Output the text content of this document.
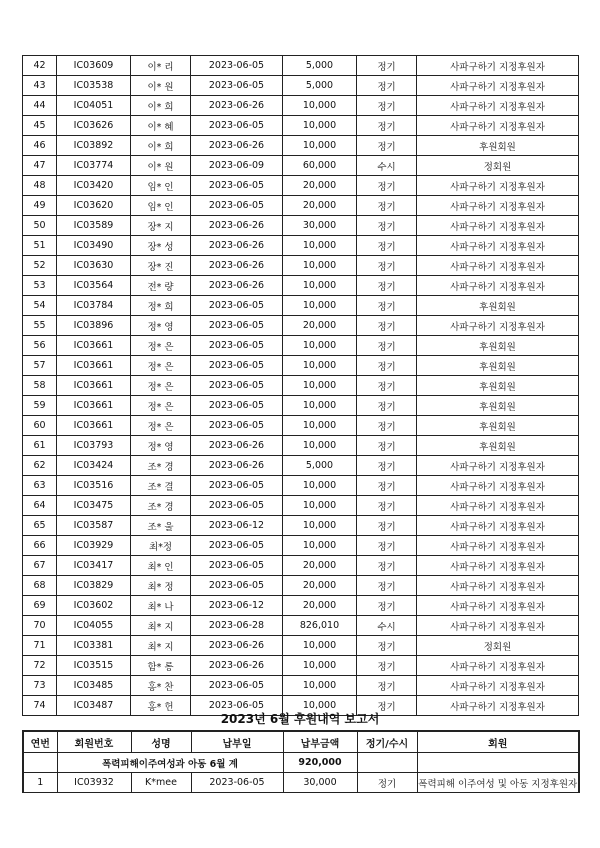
42	IC03609	이* 리	2023-06-05	5,000	정기	사파구하기 지정후원자
43	IC03538	이* 원	2023-06-05	5,000	정기	사파구하기 지정후원자
44	IC04051	이* 희	2023-06-26	10,000	정기	사파구하기 지정후원자
45	IC03626	이* 혜	2023-06-05	10,000	정기	사파구하기 지정후원자
46	IC03892	이* 희	2023-06-26	10,000	정기	후원회원
47	IC03774	이* 원	2023-06-09	60,000	수시	정회원
48	IC03420	임* 인	2023-06-05	20,000	정기	사파구하기 지정후원자
49	IC03620	임* 인	2023-06-05	20,000	정기	사파구하기 지정후원자
50	IC03589	장* 지	2023-06-26	30,000	정기	사파구하기 지정후원자
51	IC03490	장* 성	2023-06-26	10,000	정기	사파구하기 지정후원자
52	IC03630	장* 진	2023-06-26	10,000	정기	사파구하기 지정후원자
53	IC03564	전* 량	2023-06-26	10,000	정기	사파구하기 지정후원자
54	IC03784	정* 희	2023-06-05	10,000	정기	후원회원
55	IC03896	정* 영	2023-06-05	20,000	정기	사파구하기 지정후원자
56	IC03661	정* 은	2023-06-05	10,000	정기	후원회원
57	IC03661	정* 은	2023-06-05	10,000	정기	후원회원
58	IC03661	정* 은	2023-06-05	10,000	정기	후원회원
59	IC03661	정* 은	2023-06-05	10,000	정기	후원회원
60	IC03661	정* 은	2023-06-05	10,000	정기	후원회원
61	IC03793	정* 영	2023-06-26	10,000	정기	후원회원
62	IC03424	조* 경	2023-06-26	5,000	정기	사파구하기 지정후원자
63	IC03516	조* 결	2023-06-05	10,000	정기	사파구하기 지정후원자
64	IC03475	조* 경	2023-06-05	10,000	정기	사파구하기 지정후원자
65	IC03587	조* 울	2023-06-12	10,000	정기	사파구하기 지정후원자
66	IC03929	최*정	2023-06-05	10,000	정기	사파구하기 지정후원자
67	IC03417	최* 인	2023-06-05	20,000	정기	사파구하기 지정후원자
68	IC03829	최* 정	2023-06-05	20,000	정기	사파구하기 지정후원자
69	IC03602	최* 나	2023-06-12	20,000	정기	사파구하기 지정후원자
70	IC04055	최* 지	2023-06-28	826,010	수시	사파구하기 지정후원자
71	IC03381	최* 지	2023-06-26	10,000	정기	정회원
72	IC03515	함* 롱	2023-06-26	10,000	정기	사파구하기 지정후원자
73	IC03485	홍* 찬	2023-06-05	10,000	정기	사파구하기 지정후원자
74	IC03487	홍* 헌	2023-06-05	10,000	정기	사파구하기 지정후원자
2023년 6월 후원내역 보고서
연번	회원번호	성명	납부일	납부금액	정기/수시	회원
	폭력피해이주여성과 아동 6월 계			920,000		
1	IC03932	K*mee	2023-06-05	30,000	정기	폭력피해 이주여성 및 아동 지정후원자
